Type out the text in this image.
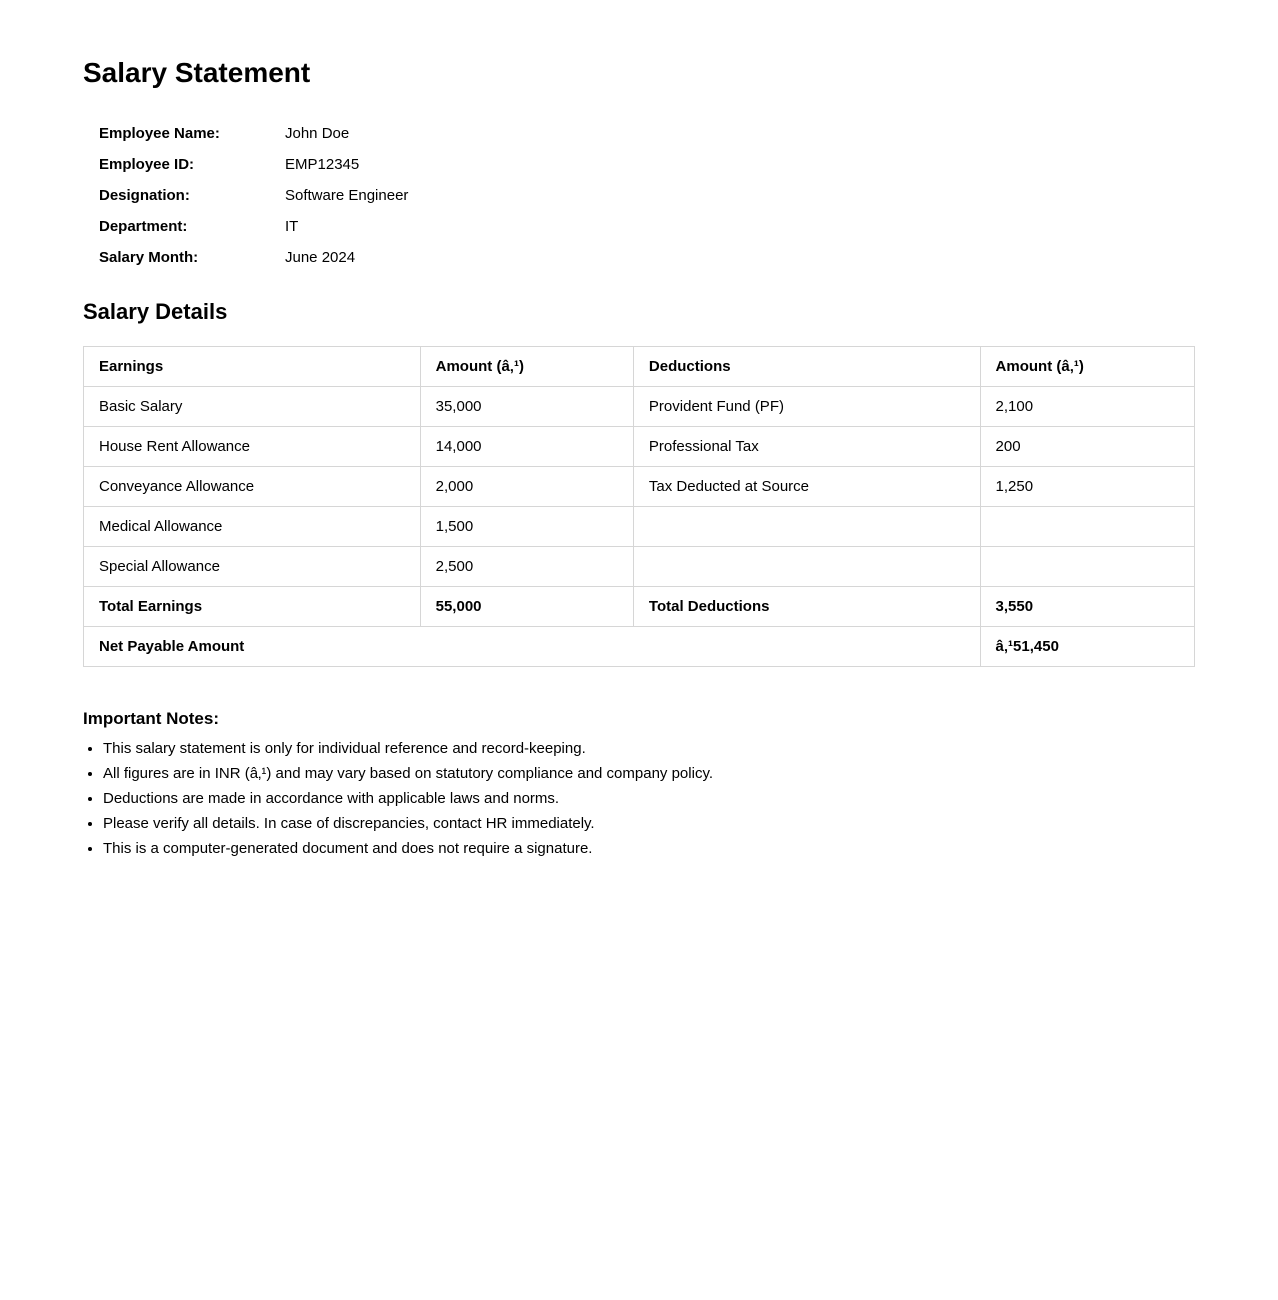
Salary Statement
Employee Name:	John Doe
Employee ID:	EMP12345
Designation:	Software Engineer
Department:	IT
Salary Month:	June 2024
Salary Details
Earnings	Amount (â‚¹)	Deductions	Amount (â‚¹)
Basic Salary	35,000	Provident Fund (PF)	2,100
House Rent Allowance	14,000	Professional Tax	200
Conveyance Allowance	2,000	Tax Deducted at Source	1,250
Medical Allowance	1,500		
Special Allowance	2,500		
Total Earnings	55,000	Total Deductions	3,550
Net Payable Amount			â‚¹51,450
Important Notes:
• This salary statement is only for individual reference and record-keeping.
• All figures are in INR (â‚¹) and may vary based on statutory compliance and company policy.
• Deductions are made in accordance with applicable laws and norms.
• Please verify all details. In case of discrepancies, contact HR immediately.
• This is a computer-generated document and does not require a signature.
